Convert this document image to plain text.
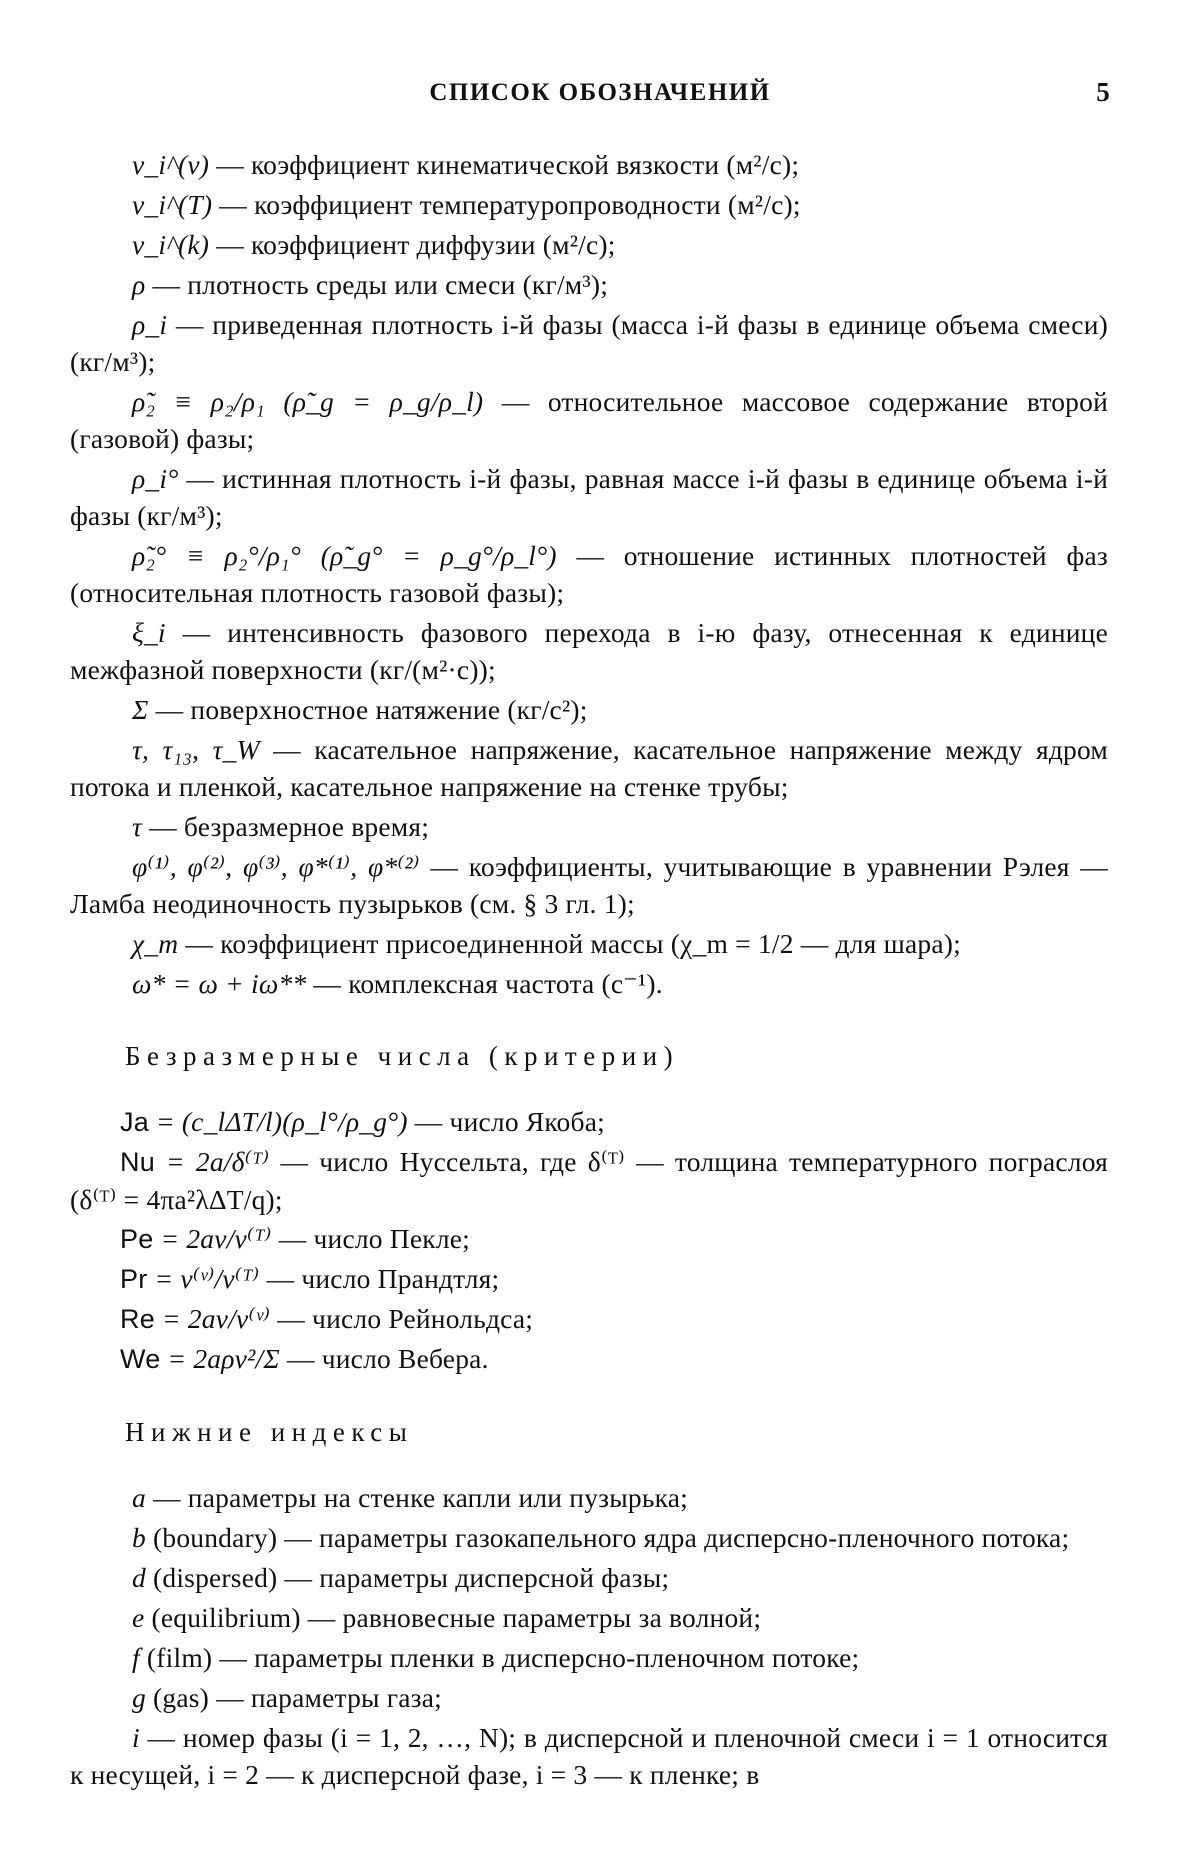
СПИСОК ОБОЗНАЧЕНИЙ	5

ν_i^(v) — коэффициент кинематической вязкости (м²/с);

ν_i^(T) — коэффициент температуропроводности (м²/с);

ν_i^(k) — коэффициент диффузии (м²/с);

ρ — плотность среды или смеси (кг/м³);

ρ_i — приведенная плотность i-й фазы (масса i-й фазы в единице объема смеси) (кг/м³);

ρ̃₂ ≡ ρ₂/ρ₁ (ρ̃_g = ρ_g/ρ_l) — относительное массовое содержание второй (газовой) фазы;

ρ_i° — истинная плотность i-й фазы, равная массе i-й фазы в единице объема i-й фазы (кг/м³);

ρ̃₂° ≡ ρ₂°/ρ₁° (ρ̃_g° = ρ_g°/ρ_l°) — отношение истинных плотностей фаз (относительная плотность газовой фазы);

ξ_i — интенсивность фазового перехода в i-ю фазу, отнесенная к единице межфазной поверхности (кг/(м²·с));

Σ — поверхностное натяжение (кг/с²);

τ, τ₁₃, τ_W — касательное напряжение, касательное напряжение между ядром потока и пленкой, касательное напряжение на стенке трубы;

τ — безразмерное время;

φ⁽¹⁾, φ⁽²⁾, φ⁽³⁾, φ*⁽¹⁾, φ*⁽²⁾ — коэффициенты, учитывающие в уравнении Рэлея — Ламба неодиночность пузырьков (см. § 3 гл. 1);

χ_m — коэффициент присоединенной массы (χ_m = 1/2 — для шара);

ω* = ω + iω** — комплексная частота (с⁻¹).

Безразмерные числа (критерии)

Ja = (c_lΔT/l)(ρ_l°/ρ_g°) — число Якоба;

Nu = 2a/δ⁽ᵀ⁾ — число Нуссельта, где δ⁽ᵀ⁾ — толщина температурного пограслоя (δ⁽ᵀ⁾ = 4πa²λΔT/q);

Pe = 2av/ν⁽ᵀ⁾ — число Пекле;

Pr = ν⁽ᵛ⁾/ν⁽ᵀ⁾ — число Прандтля;

Re = 2av/ν⁽ᵛ⁾ — число Рейнольдса;

We = 2aρv²/Σ — число Вебера.

Нижние индексы

a — параметры на стенке капли или пузырька;

b (boundary) — параметры газокапельного ядра дисперсно-пленочного потока;

d (dispersed) — параметры дисперсной фазы;

e (equilibrium) — равновесные параметры за волной;

f (film) — параметры пленки в дисперсно-пленочном потоке;

g (gas) — параметры газа;

i — номер фазы (i = 1, 2, …, N); в дисперсной и пленочной смеси i = 1 относится к несущей, i = 2 — к дисперсной фазе, i = 3 — к пленке; в
